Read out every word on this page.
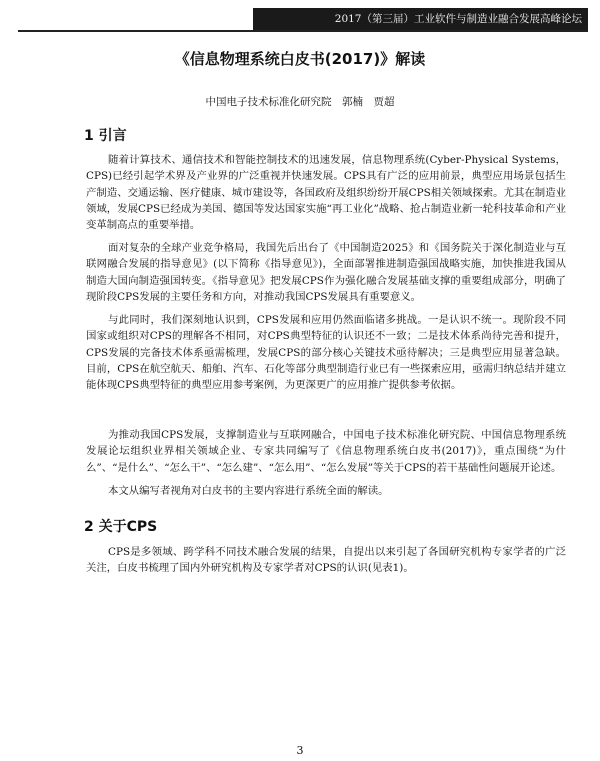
2017（第三届）工业软件与制造业融合发展高峰论坛
《信息物理系统白皮书(2017)》解读
中国电子技术标准化研究院　郭楠　贾超
1 引言

随着计算技术、通信技术和智能控制技术的迅速发展，信息物理系统(Cyber-Physical Systems，CPS)已经引起学术界及产业界的广泛重视并快速发展。CPS具有广泛的应用前景，典型应用场景包括生产制造、交通运输、医疗健康、城市建设等，各国政府及组织纷纷开展CPS相关领域探索。尤其在制造业领域，发展CPS已经成为美国、德国等发达国家实施“再工业化”战略、抢占制造业新一轮科技革命和产业变革制高点的重要举措。

面对复杂的全球产业竞争格局，我国先后出台了《中国制造2025》和《国务院关于深化制造业与互联网融合发展的指导意见》(以下简称《指导意见》)，全面部署推进制造强国战略实施，加快推进我国从制造大国向制造强国转变。《指导意见》把发展CPS作为强化融合发展基础支撑的重要组成部分，明确了现阶段CPS发展的主要任务和方向，对推动我国CPS发展具有重要意义。

与此同时，我们深刻地认识到，CPS发展和应用仍然面临诸多挑战。一是认识不统一。现阶段不同国家或组织对CPS的理解各不相同，对CPS典型特征的认识还不一致；二是技术体系尚待完善和提升，CPS发展的完备技术体系亟需梳理，发展CPS的部分核心关键技术亟待解决；三是典型应用显著急缺。目前，CPS在航空航天、船舶、汽车、石化等部分典型制造行业已有一些探索应用，亟需归纳总结并建立能体现CPS典型特征的典型应用参考案例，为更深更广的应用推广提供参考依据。

为推动我国CPS发展，支撑制造业与互联网融合，中国电子技术标准化研究院、中国信息物理系统发展论坛组织业界相关领域企业、专家共同编写了《信息物理系统白皮书(2017)》，重点围绕“为什么”、“是什么”、“怎么干”、“怎么建”、“怎么用”、“怎么发展”等关于CPS的若干基础性问题展开论述。

本文从编写者视角对白皮书的主要内容进行系统全面的解读。

2 关于CPS

CPS是多领域、跨学科不同技术融合发展的结果，自提出以来引起了各国研究机构专家学者的广泛关注，白皮书梳理了国内外研究机构及专家学者对CPS的认识(见表1)。

3
